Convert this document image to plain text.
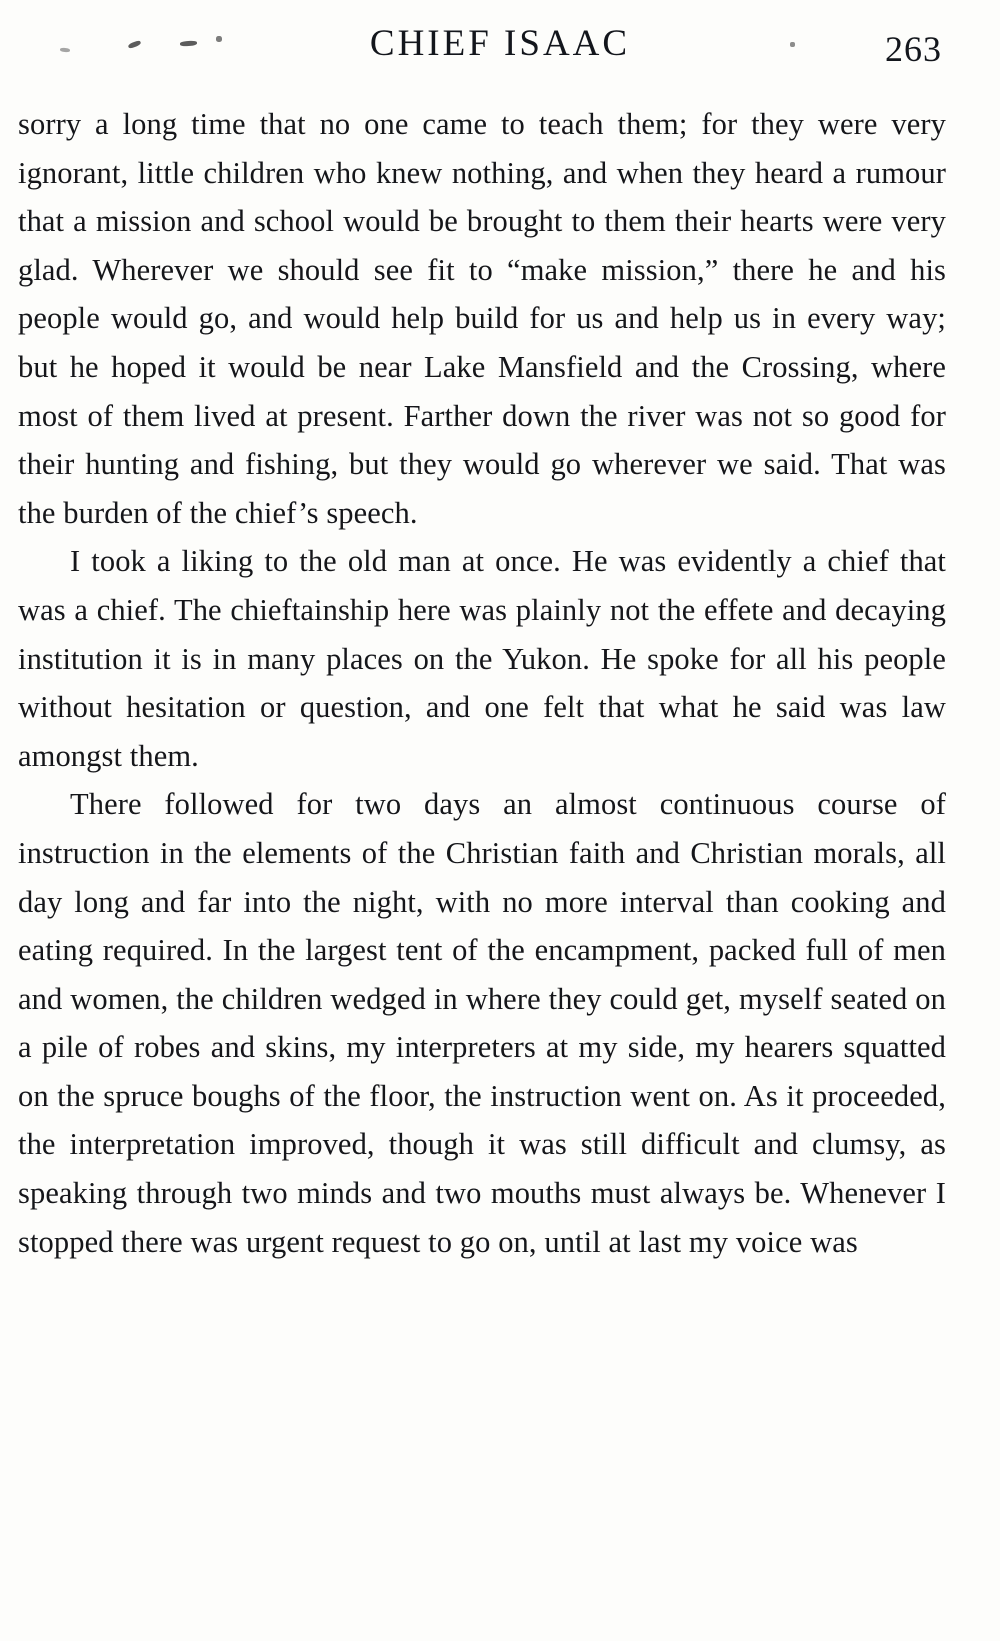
CHIEF ISAAC	263

sorry a long time that no one came to teach them; for they were very ignorant, little children who knew nothing, and when they heard a rumour that a mission and school would be brought to them their hearts were very glad. Wherever we should see fit to “make mission,” there he and his people would go, and would help build for us and help us in every way; but he hoped it would be near Lake Mansfield and the Crossing, where most of them lived at present. Farther down the river was not so good for their hunting and fishing, but they would go wherever we said. That was the burden of the chief’s speech.

I took a liking to the old man at once. He was evidently a chief that was a chief. The chieftainship here was plainly not the effete and decaying institution it is in many places on the Yukon. He spoke for all his people without hesitation or question, and one felt that what he said was law amongst them.

There followed for two days an almost continuous course of instruction in the elements of the Christian faith and Christian morals, all day long and far into the night, with no more interval than cooking and eating required. In the largest tent of the encampment, packed full of men and women, the children wedged in where they could get, myself seated on a pile of robes and skins, my interpreters at my side, my hearers squatted on the spruce boughs of the floor, the instruction went on. As it proceeded, the interpretation improved, though it was still difficult and clumsy, as speaking through two minds and two mouths must always be. Whenever I stopped there was urgent request to go on, until at last my voice was
